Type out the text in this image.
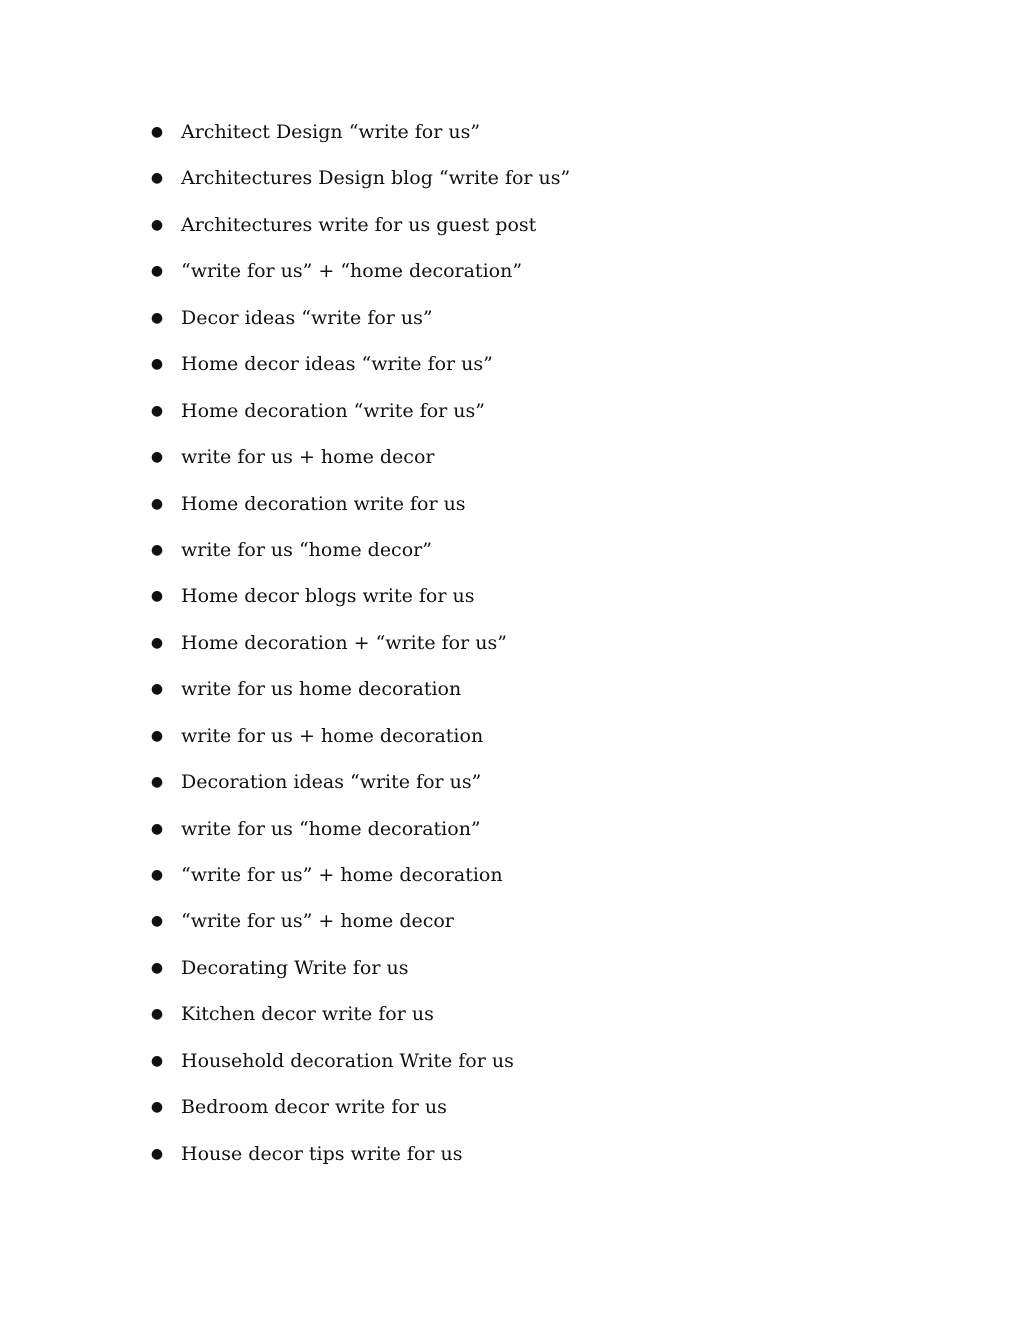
● Architect Design “write for us”
● Architectures Design blog “write for us”
● Architectures write for us guest post
● “write for us” + “home decoration”
● Decor ideas “write for us”
● Home decor ideas “write for us”
● Home decoration “write for us”
● write for us + home decor
● Home decoration write for us
● write for us “home decor”
● Home decor blogs write for us
● Home decoration + “write for us”
● write for us home decoration
● write for us + home decoration
● Decoration ideas “write for us”
● write for us “home decoration”
● “write for us” + home decoration
● “write for us” + home decor
● Decorating Write for us
● Kitchen decor write for us
● Household decoration Write for us
● Bedroom decor write for us
● House decor tips write for us
